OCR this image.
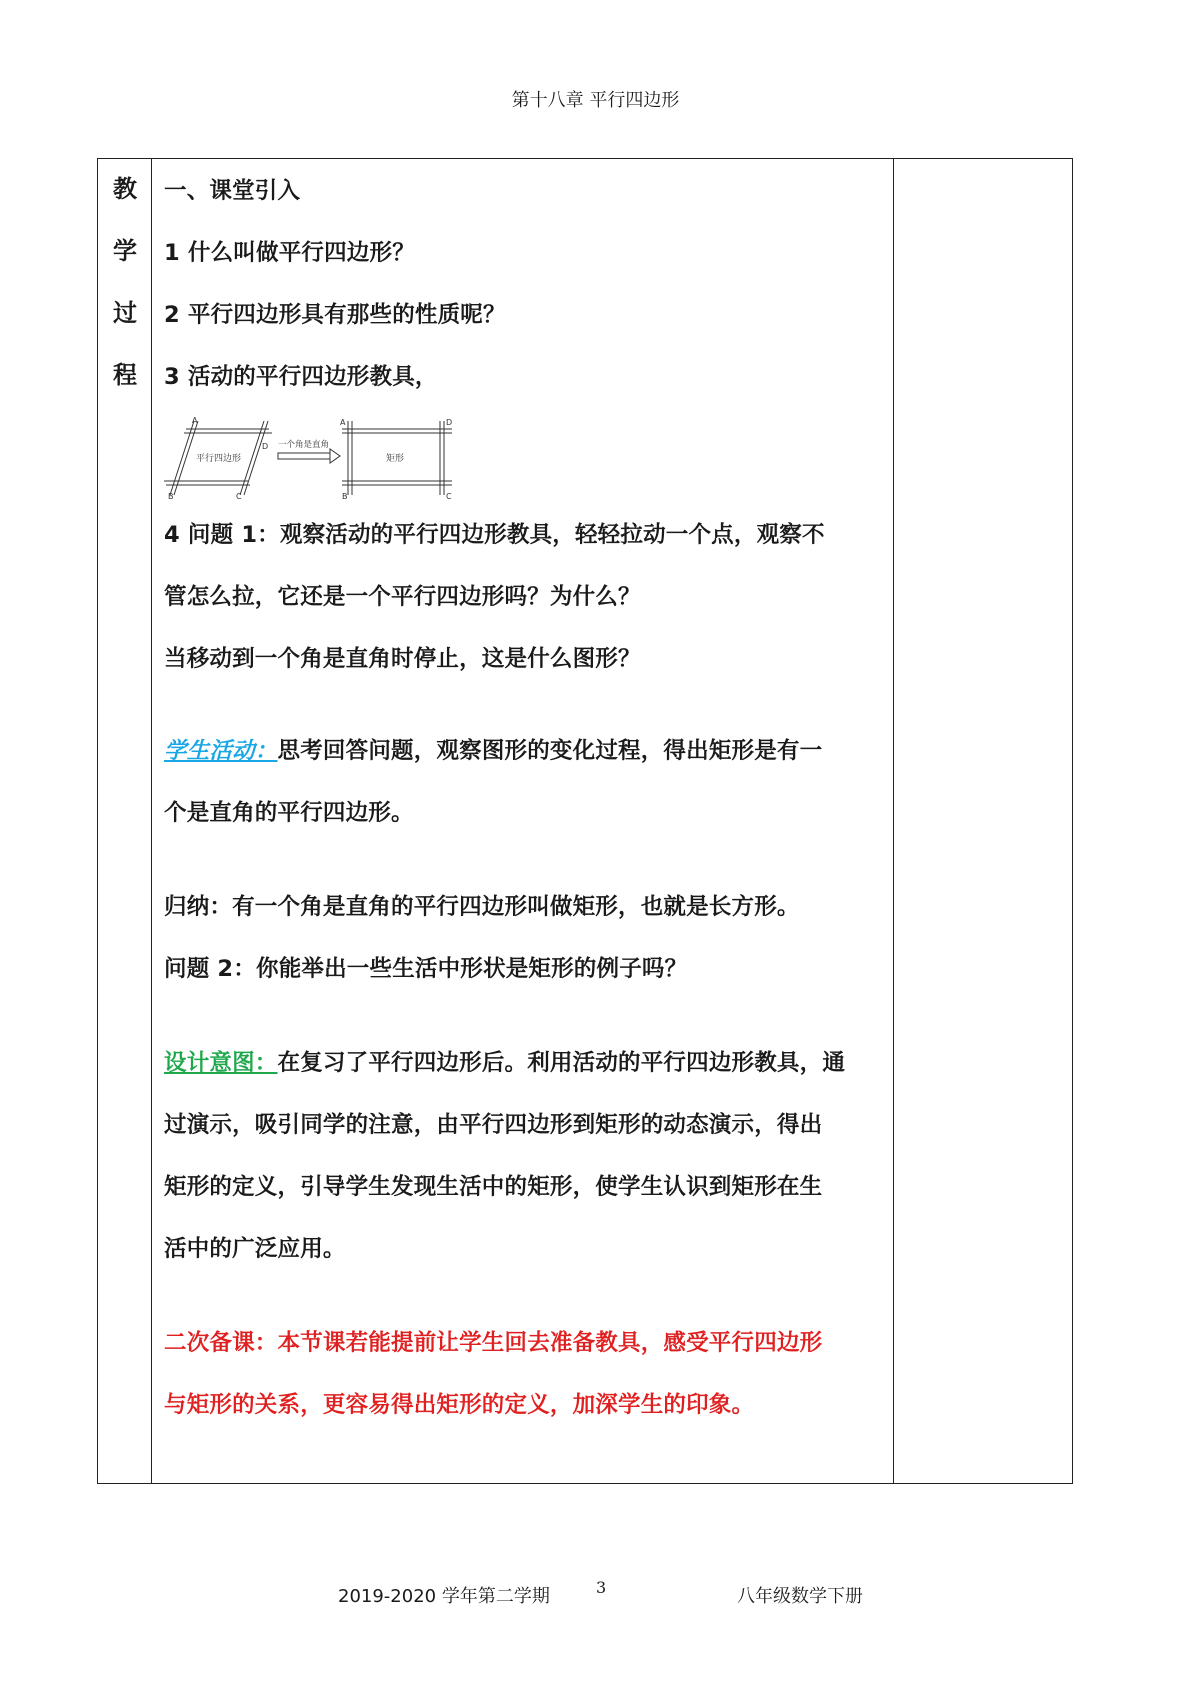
第十八章 平行四边形
教
学
过
程
一、课堂引入
1 什么叫做平行四边形？
2 平行四边形具有那些的性质呢？
3 活动的平行四边形教具，
A
D
B	C
平行四边形
一个角是直角
A	D
B	C
矩形
4 问题 1：观察活动的平行四边形教具，轻轻拉动一个点，观察不
管怎么拉，它还是一个平行四边形吗？为什么？
当移动到一个角是直角时停止，这是什么图形？
学生活动：思考回答问题，观察图形的变化过程，得出矩形是有一
个是直角的平行四边形。
归纳：有一个角是直角的平行四边形叫做矩形，也就是长方形。
问题 2：你能举出一些生活中形状是矩形的例子吗？
设计意图：在复习了平行四边形后。利用活动的平行四边形教具，通
过演示，吸引同学的注意，由平行四边形到矩形的动态演示，得出
矩形的定义，引导学生发现生活中的矩形，使学生认识到矩形在生
活中的广泛应用。
二次备课：本节课若能提前让学生回去准备教具，感受平行四边形
与矩形的关系，更容易得出矩形的定义，加深学生的印象。
2019-2020 学年第二学期	3	八年级数学下册
